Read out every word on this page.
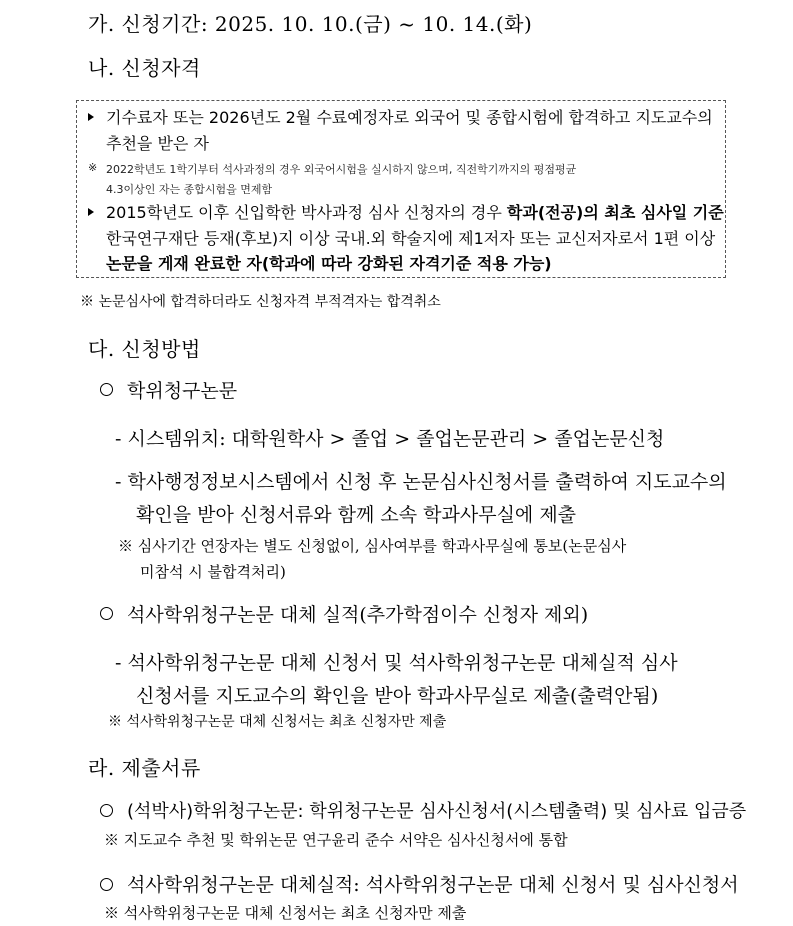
가. 신청기간: 2025. 10. 10.(금) ~ 10. 14.(화)
나. 신청자격
기수료자 또는 2026년도 2월 수료예정자로 외국어 및 종합시험에 합격하고 지도교수의
추천을 받은 자
※ 2022학년도 1학기부터 석사과정의 경우 외국어시험을 실시하지 않으며, 직전학기까지의 평점평균
4.3이상인 자는 종합시험을 면제함
2015학년도 이후 신입학한 박사과정 심사 신청자의 경우 학과(전공)의 최초 심사일 기준
한국연구재단 등재(후보)지 이상 국내.외 학술지에 제1저자 또는 교신저자로서 1편 이상
논문을 게재 완료한 자(학과에 따라 강화된 자격기준 적용 가능)
※ 논문심사에 합격하더라도 신청자격 부적격자는 합격취소
다. 신청방법
학위청구논문
- 시스템위치: 대학원학사 > 졸업 > 졸업논문관리 > 졸업논문신청
- 학사행정정보시스템에서 신청 후 논문심사신청서를 출력하여 지도교수의
확인을 받아 신청서류와 함께 소속 학과사무실에 제출
※ 심사기간 연장자는 별도 신청없이, 심사여부를 학과사무실에 통보(논문심사
미참석 시 불합격처리)
석사학위청구논문 대체 실적(추가학점이수 신청자 제외)
- 석사학위청구논문 대체 신청서 및 석사학위청구논문 대체실적 심사
신청서를 지도교수의 확인을 받아 학과사무실로 제출(출력안됨)
※ 석사학위청구논문 대체 신청서는 최초 신청자만 제출
라. 제출서류
(석박사)학위청구논문: 학위청구논문 심사신청서(시스템출력) 및 심사료 입금증
※ 지도교수 추천 및 학위논문 연구윤리 준수 서약은 심사신청서에 통합
석사학위청구논문 대체실적: 석사학위청구논문 대체 신청서 및 심사신청서
※ 석사학위청구논문 대체 신청서는 최초 신청자만 제출
